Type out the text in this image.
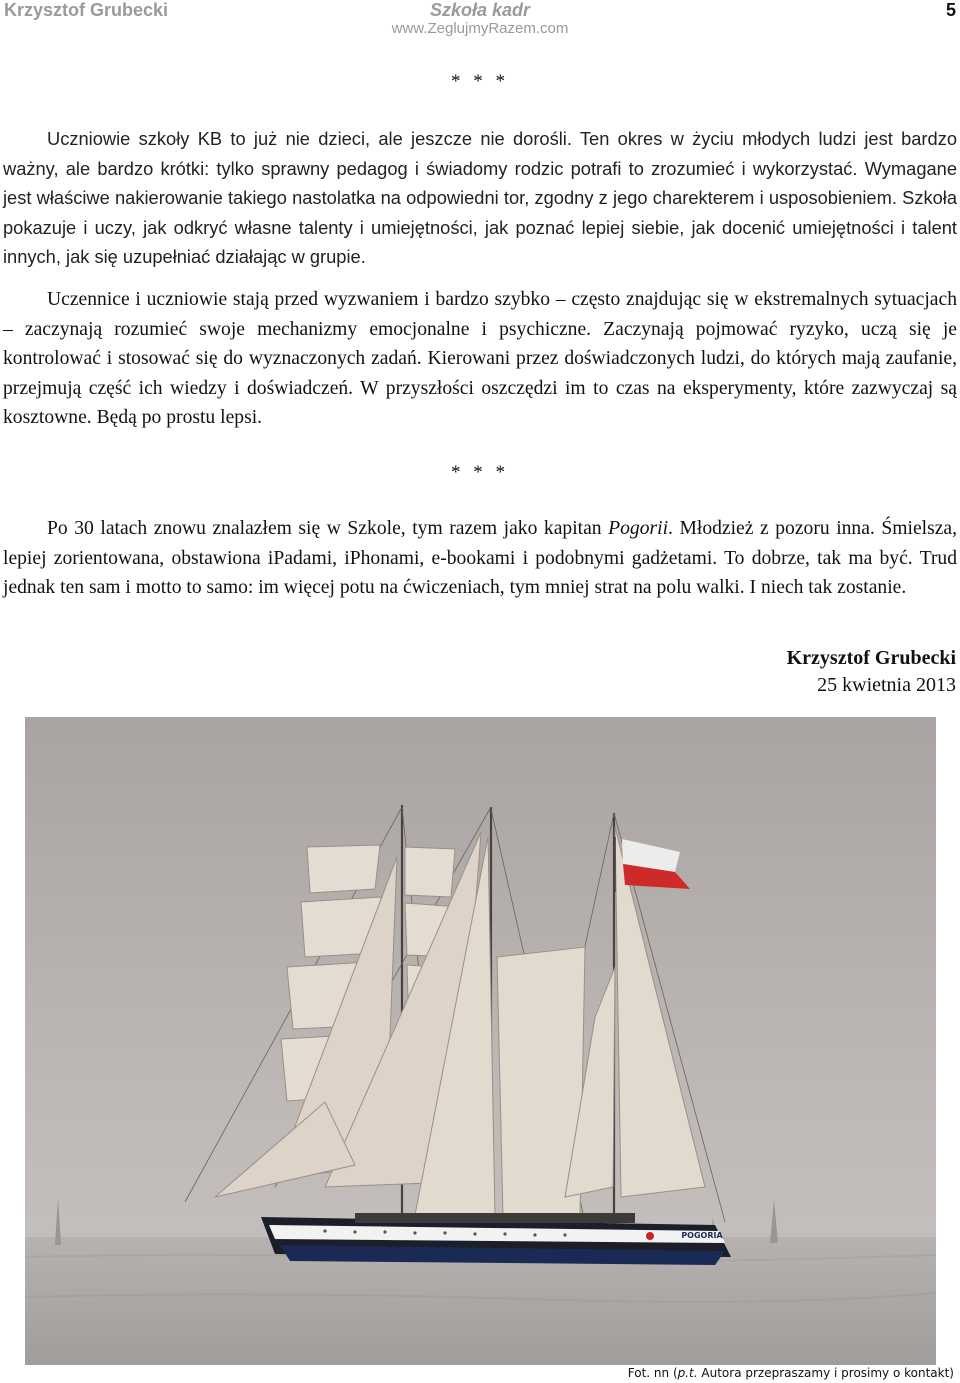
Krzysztof Grubecki	Szkoła kadr
www.ZeglujmyRazem.com
5
* * *
Uczniowie szkoły KB to już nie dzieci, ale jeszcze nie dorośli. Ten okres w życiu młodych ludzi jest bardzo ważny, ale bardzo krótki: tylko sprawny pedagog i świadomy rodzic potrafi to zrozumieć i wykorzystać. Wymagane jest właściwe nakierowanie takiego nastolatka na odpowiedni tor, zgodny z jego charekterem i usposobieniem. Szkoła pokazuje i uczy, jak odkryć własne talenty i umiejętności, jak poznać lepiej siebie, jak docenić umiejętności i talent innych, jak się uzupełniać działając w grupie.
Uczennice i uczniowie stają przed wyzwaniem i bardzo szybko – często znajdując się w ekstremalnych sytuacjach – zaczynają rozumieć swoje mechanizmy emocjonalne i psychiczne. Zaczynają pojmować ryzyko, uczą się je kontrolować i stosować się do wyznaczonych zadań. Kierowani przez doświadczonych ludzi, do których mają zaufanie, przejmują część ich wiedzy i doświadczeń. W przyszłości oszczędzi im to czas na eksperymenty, które zazwyczaj są kosztowne. Będą po prostu lepsi.
* * *
Po 30 latach znowu znalazłem się w Szkole, tym razem jako kapitan Pogorii. Młodzież z pozoru inna. Śmielsza, lepiej zorientowana, obstawiona iPadami, iPhonami, e-bookami i podobnymi gadżetami. To dobrze, tak ma być. Trud jednak ten sam i motto to samo: im więcej potu na ćwiczeniach, tym mniej strat na polu walki. I niech tak zostanie.
Krzysztof Grubecki
25 kwietnia 2013
POGORIA
Fot. nn (p.t. Autora przepraszamy i prosimy o kontakt)
